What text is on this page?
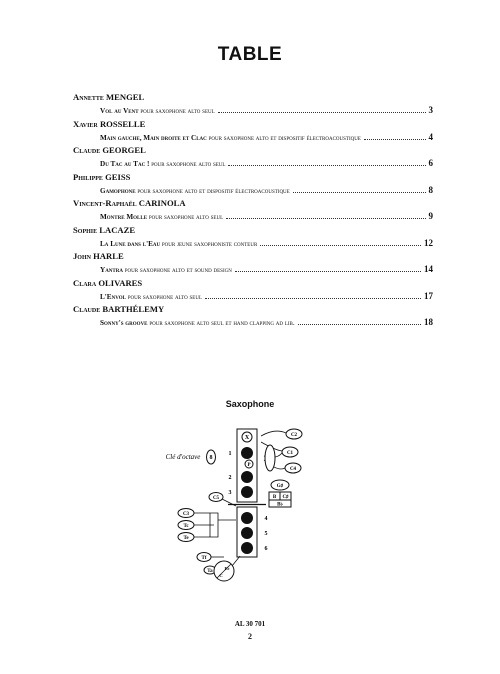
TABLE
Annette MENGEL
Vol au Vent pour saxophone alto seul	3
Xavier ROSSELLE
Main gauche, Main droite et Clac pour saxophone alto et dispositif électroacoustique	4
Claude GEORGEL
Du Tac au Tac ! pour saxophone alto seul	6
Philippe GEISS
Gamophone pour saxophone alto et dispositif électroacoustique	8
Vincent-Raphaël CARINOLA
Montre Molle pour saxophone alto seul	9
Sophie LACAZE
La Lune dans l'Eau pour jeune saxophoniste conteur	12
John HARLE
Yantra pour saxophone alto et sound design	14
Clara OLIVARES
L'Envol pour saxophone alto seul	17
Claude BARTHÉLEMY
Sonny's groove pour saxophone alto seul et hand clapping ad lib.	18
Saxophone
Clé d'octave 8
X
P
1
2
3
4
5
6
C2
C1
C4
G♯
B C♯
B♭
C5
C3
Tc
Te
Tf
Ta
E♭
C
AL 30 701
2
